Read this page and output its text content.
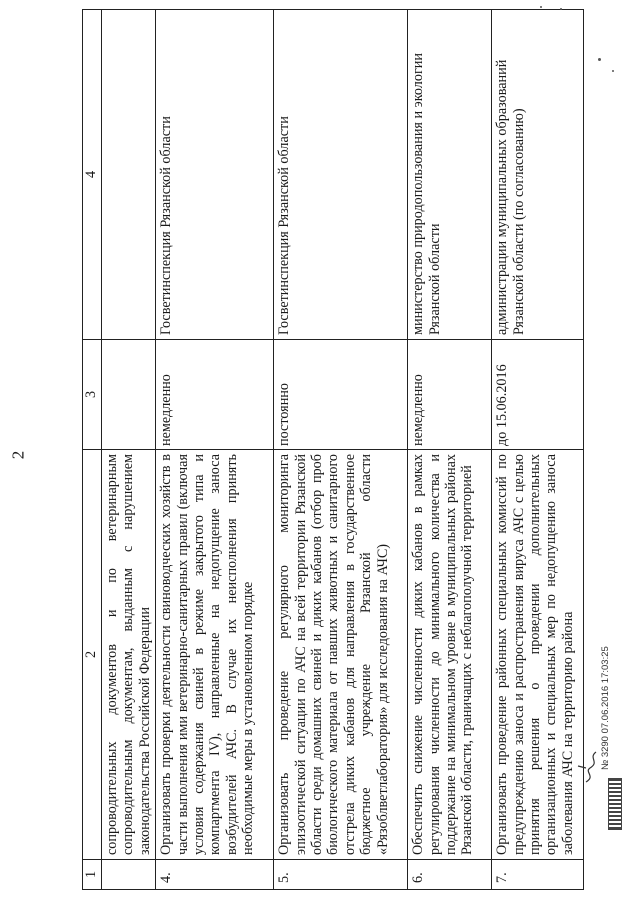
2
1	2	3	4
	сопроводительных документов и по ветеринарным сопроводительным документам, выданным с нарушением законодательства Российской Федерации		
4.	Организовать проверки деятельности свиноводческих хозяйств в части выполнения ими ветеринарно-санитарных правил (включая условия содержания свиней в режиме закрытого типа и компартмента IV), направленные на недопущение заноса возбудителей АЧС. В случае их неисполнения принять необходимые меры в установленном порядке	немедленно	Госветинспекция Рязанской области
5.	Организовать проведение регулярного мониторинга эпизоотической ситуации по АЧС на всей территории Рязанской области среди домашних свиней и диких кабанов (отбор проб биологического материала от павших животных и санитарного отстрела диких кабанов для направления в государственное бюджетное учреждение Рязанской области «Рязоблветлаборатория» для исследования на АЧС)	постоянно	Госветинспекция Рязанской области
6.	Обеспечить снижение численности диких кабанов в рамках регулирования численности до минимального количества и поддержание на минимальном уровне в муниципальных районах Рязанской области, граничащих с неблагополучной территорией	немедленно	министерство природопользования и экологии Рязанской области
7.	Организовать проведение районных специальных комиссий по предупреждению заноса и распространения вируса АЧС с целью принятия решения о проведении дополнительных организационных и специальных мер по недопущению заноса заболевания АЧС на территорию района	до 15.06.2016	администрации муниципальных образований Рязанской области (по согласованию)
№ 3290 07.06.2016 17:03:25
